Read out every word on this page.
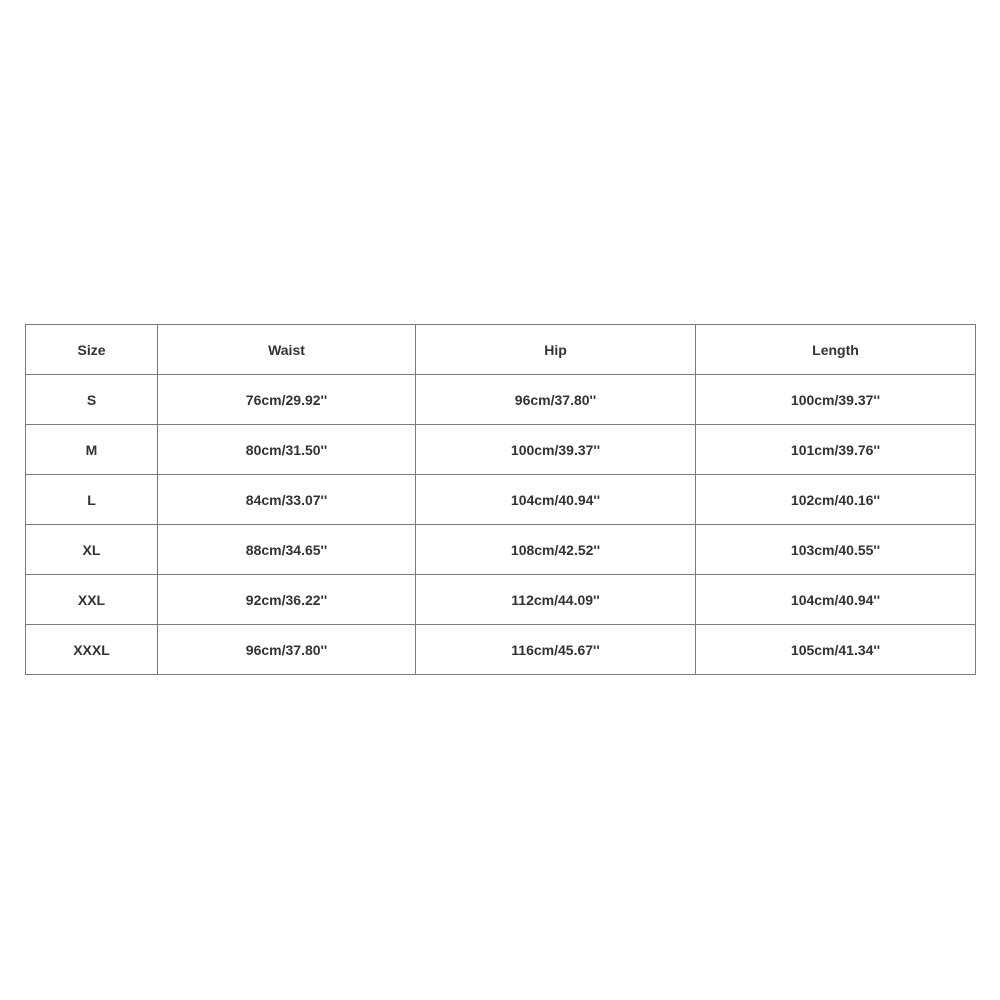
Size	Waist	Hip	Length
S	76cm/29.92''	96cm/37.80''	100cm/39.37''
M	80cm/31.50''	100cm/39.37''	101cm/39.76''
L	84cm/33.07''	104cm/40.94''	102cm/40.16''
XL	88cm/34.65''	108cm/42.52''	103cm/40.55''
XXL	92cm/36.22''	112cm/44.09''	104cm/40.94''
XXXL	96cm/37.80''	116cm/45.67''	105cm/41.34''
